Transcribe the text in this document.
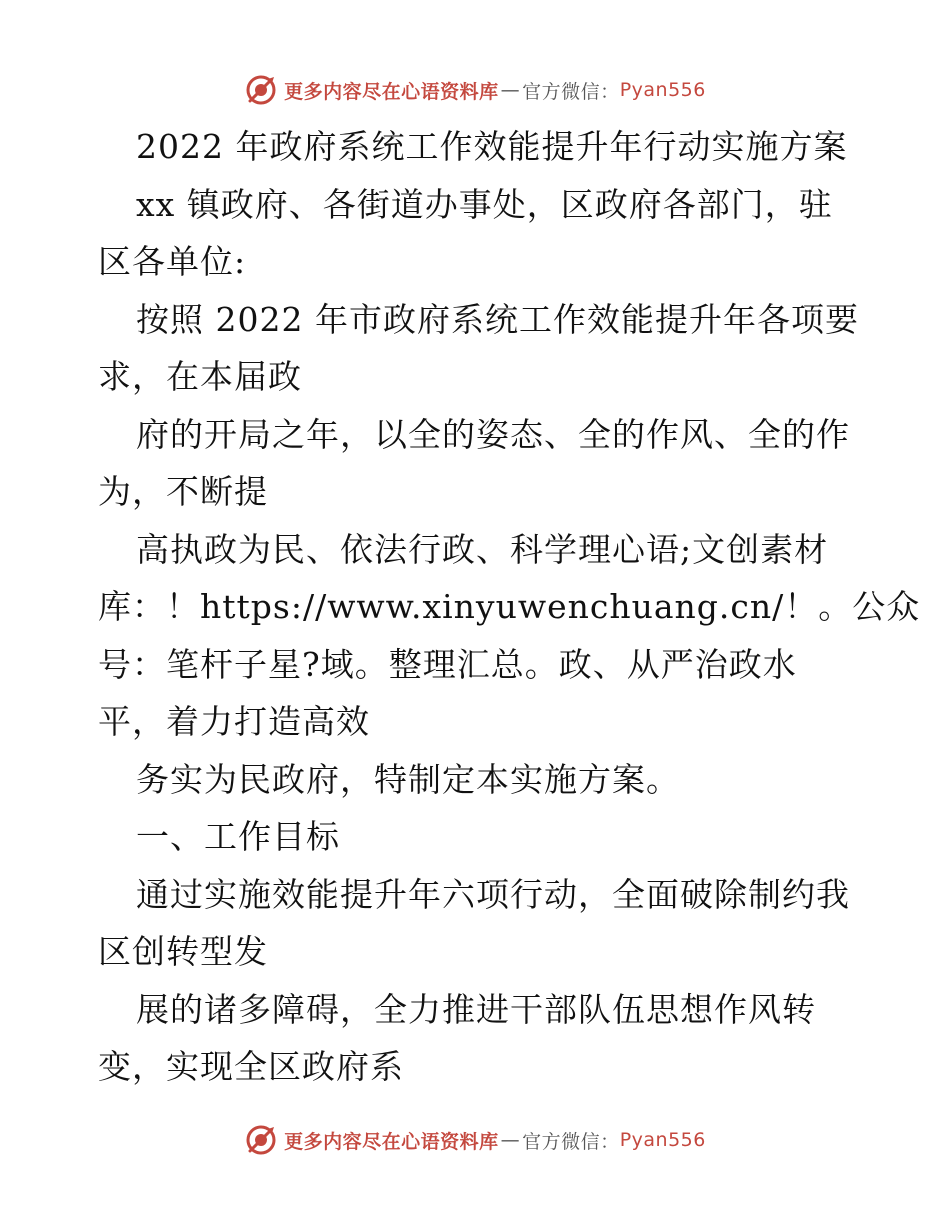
更多内容尽在心语资料库 — 官方微信： Pyan556
2022 年政府系统工作效能提升年行动实施方案
xx 镇政府、各街道办事处，区政府各部门，驻
区各单位:
按照 2022 年市政府系统工作效能提升年各项要
求，在本届政
府的开局之年，以全的姿态、全的作风、全的作
为，不断提
高执政为民、依法行政、科学理心语;文创素材
库：！https://www.xinyuwenchuang.cn/！。公众
号：笔杆子星?域。整理汇总。政、从严治政水
平，着力打造高效
务实为民政府，特制定本实施方案。
一、工作目标
通过实施效能提升年六项行动，全面破除制约我
区创转型发
展的诸多障碍，全力推进干部队伍思想作风转
变，实现全区政府系
更多内容尽在心语资料库 — 官方微信： Pyan556
